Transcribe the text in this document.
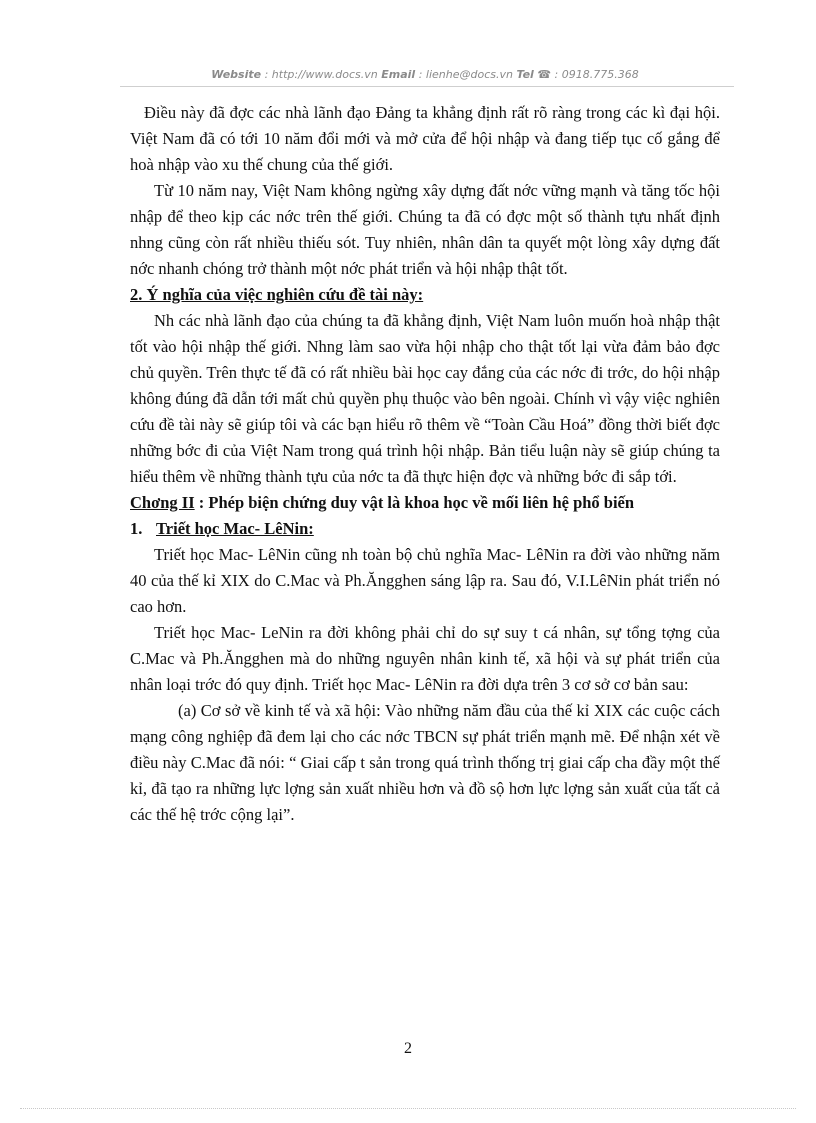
Website : http://www.docs.vn Email : lienhe@docs.vn Tel ☎ : 0918.775.368

Điều này đã đợc các nhà lãnh đạo Đảng ta khẳng định rất rõ ràng trong các kì đại hội. Việt Nam đã có tới 10 năm đổi mới và mở cửa để hội nhập và đang tiếp tục cố gắng để hoà nhập vào xu thế chung của thế giới.

Từ 10 năm nay, Việt Nam không ngừng xây dựng đất nớc vững mạnh và tăng tốc hội nhập để theo kịp các nớc trên thế giới. Chúng ta đã có đợc một số thành tựu nhất định nhng cũng còn rất nhiều thiếu sót. Tuy nhiên, nhân dân ta quyết một lòng xây dựng đất nớc nhanh chóng trở thành một nớc phát triển và hội nhập thật tốt.

2. Ý nghĩa của việc nghiên cứu đề tài này:

Nh các nhà lãnh đạo của chúng ta đã khẳng định, Việt Nam luôn muốn hoà nhập thật tốt vào hội nhập thế giới. Nhng làm sao vừa hội nhập cho thật tốt lại vừa đảm bảo đợc chủ quyền. Trên thực tế đã có rất nhiều bài học cay đắng của các nớc đi trớc, do hội nhập không đúng đã dẫn tới mất chủ quyền phụ thuộc vào bên ngoài. Chính vì vậy việc nghiên cứu đề tài này sẽ giúp tôi và các bạn hiểu rõ thêm về “Toàn Cầu Hoá” đồng thời biết đợc những bớc đi của Việt Nam trong quá trình hội nhập. Bản tiểu luận này sẽ giúp chúng ta hiểu thêm về những thành tựu của nớc ta đã thực hiện đợc và những bớc đi sắp tới.

Chơng II : Phép biện chứng duy vật là khoa học về mối liên hệ phổ biến

1. Triết học Mac- LêNin:

Triết học Mac- LêNin cũng nh toàn bộ chủ nghĩa Mac- LêNin ra đời vào những năm 40 của thế kỉ XIX do C.Mac và Ph.Ăngghen sáng lập ra. Sau đó, V.I.LêNin phát triển nó cao hơn.

Triết học Mac- LeNin ra đời không phải chỉ do sự suy t cá nhân, sự tổng tợng của C.Mac và Ph.Ăngghen mà do những nguyên nhân kinh tế, xã hội và sự phát triển của nhân loại trớc đó quy định. Triết học Mac- LêNin ra đời dựa trên 3 cơ sở cơ bản sau:

(a) Cơ sở về kinh tế và xã hội: Vào những năm đầu của thế kỉ XIX các cuộc cách mạng công nghiệp đã đem lại cho các nớc TBCN sự phát triển mạnh mẽ. Để nhận xét về điều này C.Mac đã nói: “ Giai cấp t sản trong quá trình thống trị giai cấp cha đầy một thế kỉ, đã tạo ra những lực lợng sản xuất nhiều hơn và đồ sộ hơn lực lợng sản xuất của tất cả các thế hệ trớc cộng lại”.

2
